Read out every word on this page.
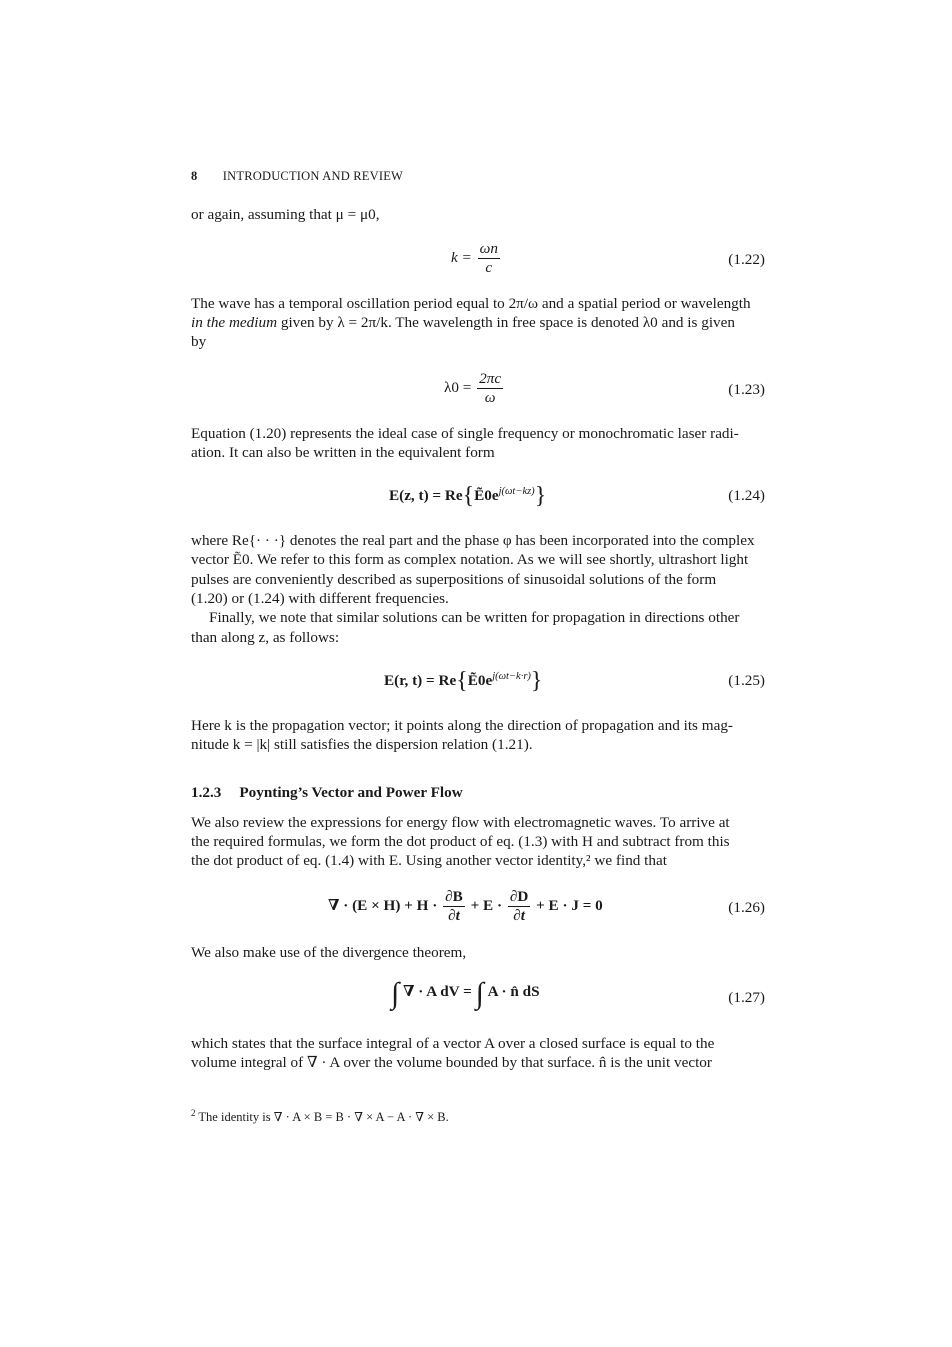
8 INTRODUCTION AND REVIEW
or again, assuming that μ = μ0,
$k = \frac{\omega n}{c}$	(1.22)
The wave has a temporal oscillation period equal to 2π/ω and a spatial period or wavelength
in the medium given by λ = 2π/k. The wavelength in free space is denoted λ0 and is given
by
$\lambda 0 = \frac{2\pi c}{\omega}$	(1.23)
Equation (1.20) represents the ideal case of single frequency or monochromatic laser radi-
ation. It can also be written in the equivalent form
E(z, $t) = Re\{Ẽ0e^{j(\omega t-kz)}\}$	(1.24)
where Re{· · ·} denotes the real part and the phase φ has been incorporated into the complex
vector Ẽ0. We refer to this form as complex notation. As we will see shortly, ultrashort light
pulses are conveniently described as superpositions of sinusoidal solutions of the form
(1.20) or (1.24) with different frequencies.
Finally, we note that similar solutions can be written for propagation in directions other
than along z, as follows:
E(r, $t) = Re\{Ẽ0e^{j(\omega t-k\cdot r)}\}$	(1.25)
Here k is the propagation vector; it points along the direction of propagation and its mag-
nitude k = |k| still satisfies the dispersion relation (1.21).
1.2.3 Poynting’s Vector and Power Flow
We also review the expressions for energy flow with electromagnetic waves. To arrive at
the required formulas, we form the dot product of eq. (1.3) with H and subtract from this
the dot product of eq. (1.4) with E. Using another vector identity,² we find that
∇ · $(E \times H) + H \cdot \frac{\partial B}{\partial t} + E \cdot \frac{\partial D}{\partial t} + E \cdot J = 0$	(1.26)
We also make use of the divergence theorem,
∫ ∇ · A dV = ∫ A · n̂ dS	(1.27)
which states that the surface integral of a vector A over a closed surface is equal to the
volume integral of ∇ · A over the volume bounded by that surface. n̂ is the unit vector
$^2$ The identity is ∇ · A × B = B · ∇ × A − A · ∇ × B.
